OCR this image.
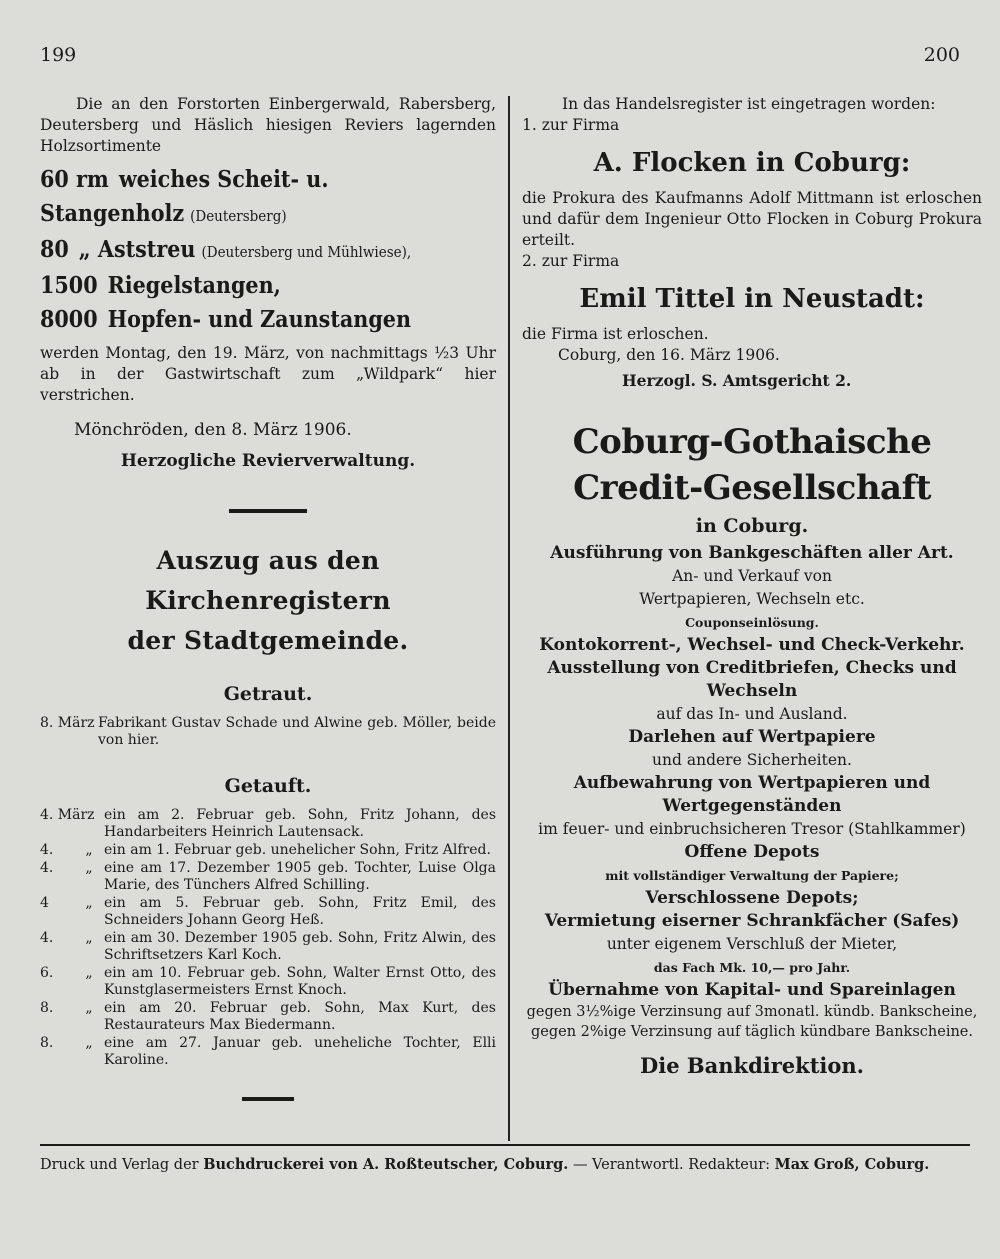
199	200

Die an den Forstorten Einbergerwald, Rabersberg, Deutersberg und Häslich hiesigen Reviers lagernden Holzsortimente

60 rm weiches Scheit- u. Stangenholz (Deutersberg)
80 „ Aststreu (Deutersberg und Mühlwiese),
1500 Riegelstangen,
8000 Hopfen- und Zaunstangen

werden Montag, den 19. März, von nachmittags ½3 Uhr ab in der Gastwirtschaft zum „Wildpark“ hier verstrichen.

Mönchröden, den 8. März 1906.

Herzogliche Revierverwaltung.

Auszug aus den Kirchenregistern

der Stadtgemeinde.

Getraut.

8. März Fabrikant Gustav Schade und Alwine geb. Möller, beide von hier.

Getauft.

4. März ein am 2. Februar geb. Sohn, Fritz Johann, des Handarbeiters Heinrich Lautensack.
4.	„ ein am 1. Februar geb. unehelicher Sohn, Fritz Alfred.
4.	„ eine am 17. Dezember 1905 geb. Tochter, Luise Olga Marie, des Tünchers Alfred Schilling.
4	„ ein am 5. Februar geb. Sohn, Fritz Emil, des Schneiders Johann Georg Heß.
4.	„ ein am 30. Dezember 1905 geb. Sohn, Fritz Alwin, des Schriftsetzers Karl Koch.
6.	„ ein am 10. Februar geb. Sohn, Walter Ernst Otto, des Kunstglasermeisters Ernst Knoch.
8.	„ ein am 20. Februar geb. Sohn, Max Kurt, des Restaurateurs Max Biedermann.
8.	„ eine am 27. Januar geb. uneheliche Tochter, Elli Karoline.

In das Handelsregister ist eingetragen worden:

1. zur Firma

A. Flocken in Coburg:

die Prokura des Kaufmanns Adolf Mittmann ist erloschen und dafür dem Ingenieur Otto Flocken in Coburg Prokura erteilt.

2. zur Firma

Emil Tittel in Neustadt:

die Firma ist erloschen.

Coburg, den 16. März 1906.

Herzogl. S. Amtsgericht 2.

Coburg-Gothaische Credit-Gesellschaft

in Coburg.

Ausführung von Bankgeschäften aller Art.

An- und Verkauf von

Wertpapieren, Wechseln etc.

Couponseinlösung.

Kontokorrent-, Wechsel- und Check-Verkehr.

Ausstellung von Creditbriefen, Checks und Wechseln

auf das In- und Ausland.

Darlehen auf Wertpapiere

und andere Sicherheiten.

Aufbewahrung von Wertpapieren und

Wertgegenständen

im feuer- und einbruchsicheren Tresor (Stahlkammer)

Offene Depots

mit vollständiger Verwaltung der Papiere;

Verschlossene Depots;

Vermietung eiserner Schrankfächer (Safes)

unter eigenem Verschluß der Mieter,

das Fach Mk. 10,— pro Jahr.

Übernahme von Kapital- und Spareinlagen

gegen 3½%ige Verzinsung auf 3monatl. kündb. Bankscheine,

gegen 2%ige Verzinsung auf täglich kündbare Bankscheine.

Die Bankdirektion.

Druck und Verlag der Buchdruckerei von A. Roßteutscher, Coburg. — Verantwortl. Redakteur: Max Groß, Coburg.
